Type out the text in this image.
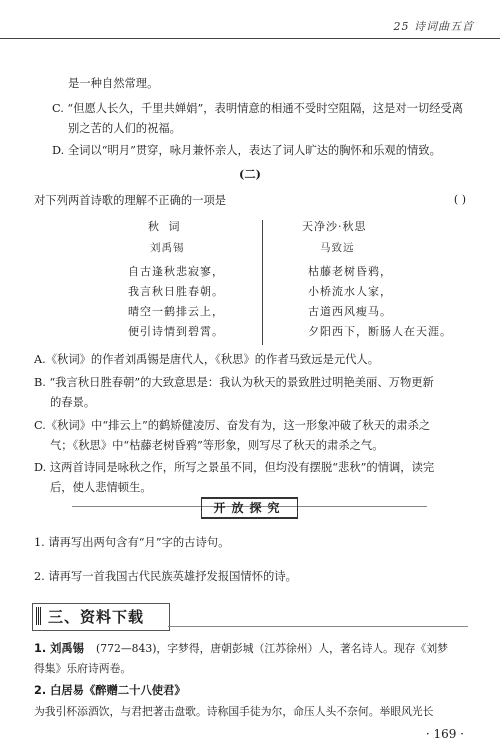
25 诗词曲五首
是一种自然常理。
C. “但愿人长久，千里共婵娟”，表明情意的相通不受时空阻隔，这是对一切经受离
别之苦的人们的祝福。
D. 全词以“明月”贯穿，咏月兼怀亲人，表达了词人旷达的胸怀和乐观的情致。
(二)
对下列两首诗歌的理解不正确的一项是	( )
秋 词
刘禹锡
自古逢秋悲寂寥，
我言秋日胜春朝。
晴空一鹤排云上，
便引诗情到碧霄。
天净沙·秋思
马致远
枯藤老树昏鸦，
小桥流水人家，
古道西风瘦马。
夕阳西下，断肠人在天涯。
A.《秋词》的作者刘禹锡是唐代人，《秋思》的作者马致远是元代人。
B. “我言秋日胜春朝”的大致意思是：我认为秋天的景致胜过明艳美丽、万物更新
的春景。
C.《秋词》中“排云上”的鹤矫健凌厉、奋发有为，这一形象冲破了秋天的肃杀之
气；《秋思》中“枯藤老树昏鸦”等形象，则写尽了秋天的肃杀之气。
D. 这两首诗同是咏秋之作，所写之景虽不同，但均没有摆脱“悲秋”的情调，读完
后，使人悲情顿生。
开放探究
1. 请再写出两句含有“月”字的古诗句。
2. 请再写一首我国古代民族英雄抒发报国情怀的诗。
三、资料下载
1. 刘禹锡 (772—843)，字梦得，唐朝彭城（江苏徐州）人，著名诗人。现存《刘梦
得集》乐府诗两卷。
2. 白居易《醉赠二十八使君》
为我引杯添酒饮，与君把著击盘歌。诗称国手徒为尔，命压人头不奈何。举眼风光长
· 169 ·
